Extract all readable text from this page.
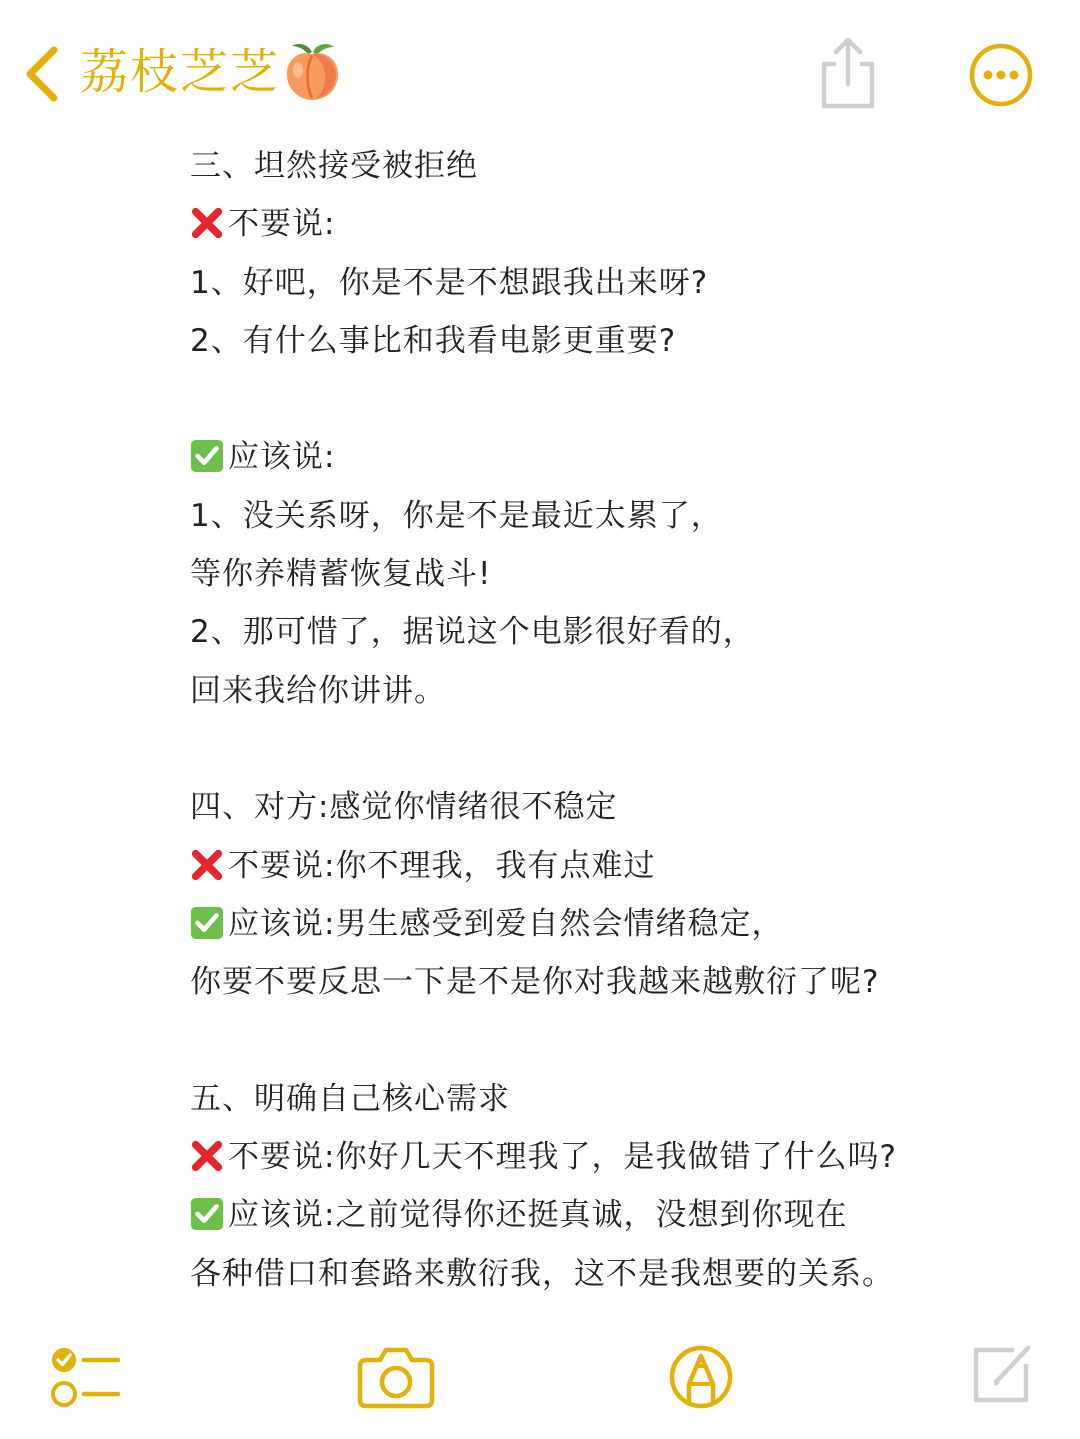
荔枝芝芝
三、坦然接受被拒绝
不要说:
1、好吧，你是不是不想跟我出来呀?
2、有什么事比和我看电影更重要?
应该说:
1、没关系呀，你是不是最近太累了，
等你养精蓄恢复战斗!
2、那可惜了，据说这个电影很好看的，
回来我给你讲讲。
四、对方:感觉你情绪很不稳定
不要说:你不理我，我有点难过
应该说:男生感受到爱自然会情绪稳定，
你要不要反思一下是不是你对我越来越敷衍了呢?
五、明确自己核心需求
不要说:你好几天不理我了，是我做错了什么吗?
应该说:之前觉得你还挺真诚，没想到你现在
各种借口和套路来敷衍我，这不是我想要的关系。
